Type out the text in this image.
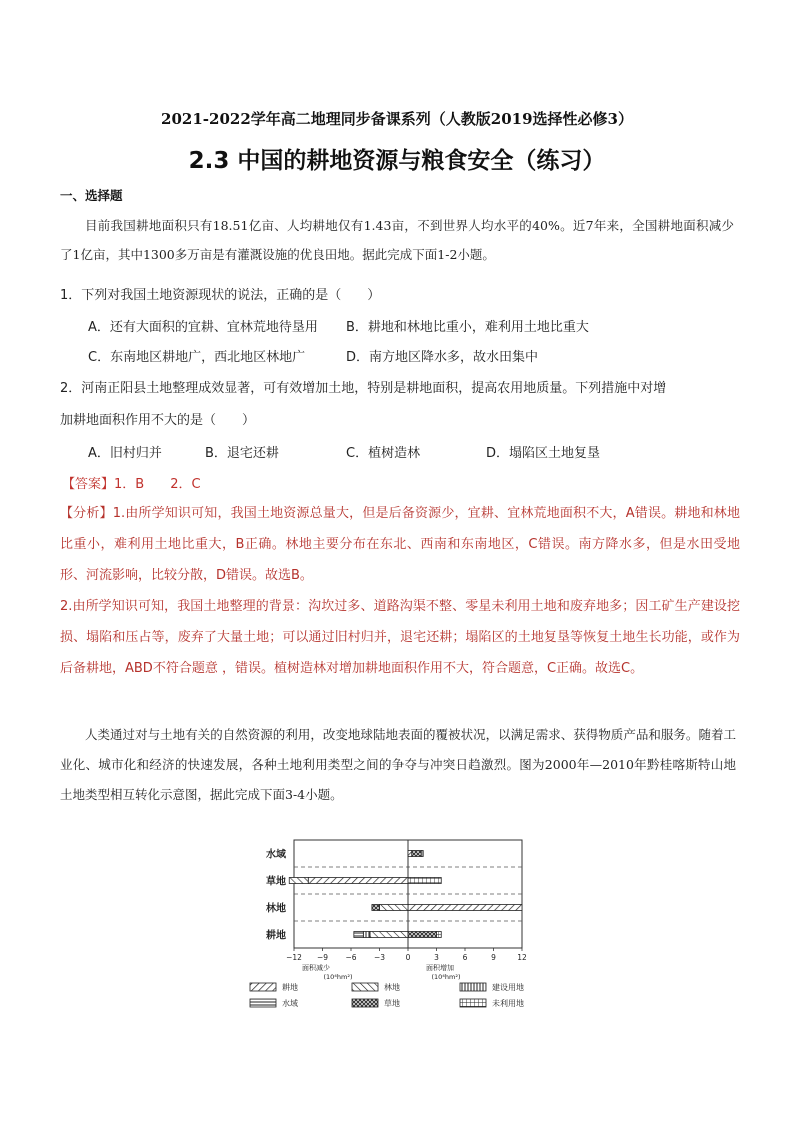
2021-2022学年高二地理同步备课系列（人教版2019选择性必修3）
2.3 中国的耕地资源与粮食安全（练习）
一、选择题
目前我国耕地面积只有18.51亿亩、人均耕地仅有1.43亩，不到世界人均水平的40%。近7年来，全国耕地面积减少了1亿亩，其中1300多万亩是有灌溉设施的优良田地。据此完成下面1-2小题。
1．下列对我国土地资源现状的说法，正确的是（　　）
A．还有大面积的宜耕、宜林荒地待垦用 B．耕地和林地比重小，难利用土地比重大
C．东南地区耕地广，西北地区林地广	D．南方地区降水多，故水田集中
2．河南正阳县土地整理成效显著，可有效增加土地，特别是耕地面积，提高农用地质量。下列措施中对增
加耕地面积作用不大的是（　　）
A．旧村归并	B．退宅还耕	C．植树造林	D．塌陷区土地复垦
【答案】1．B　　2．C

【分析】1.由所学知识可知，我国土地资源总量大，但是后备资源少，宜耕、宜林荒地面积不大，A错误。耕地和林地比重小，难利用土地比重大，B正确。林地主要分布在东北、西南和东南地区，C错误。南方降水多，但是水田受地形、河流影响，比较分散，D错误。故选B。

2.由所学知识可知，我国土地整理的背景：沟坎过多、道路沟渠不整、零星未利用土地和废弃地多；因工矿生产建设挖损、塌陷和压占等，废弃了大量土地；可以通过旧村归并，退宅还耕；塌陷区的土地复垦等恢复土地生长功能，或作为后备耕地，ABD不符合题意 ，错误。植树造林对增加耕地面积作用不大，符合题意，C正确。故选C。

人类通过对与土地有关的自然资源的利用，改变地球陆地表面的覆被状况，以满足需求、获得物质产品和服务。随着工业化、城市化和经济的快速发展，各种土地利用类型之间的争夺与冲突日趋激烈。图为2000年—2010年黔桂喀斯特山地土地类型相互转化示意图，据此完成下面3-4小题。
−12 −9 −6 −3	0	3	6	9	12
面积减少
(10⁴hm²)
面积增加
(10⁴hm²)
水域
草地
林地
耕地
耕地	林地	建设用地
水域	草地	未利用地
